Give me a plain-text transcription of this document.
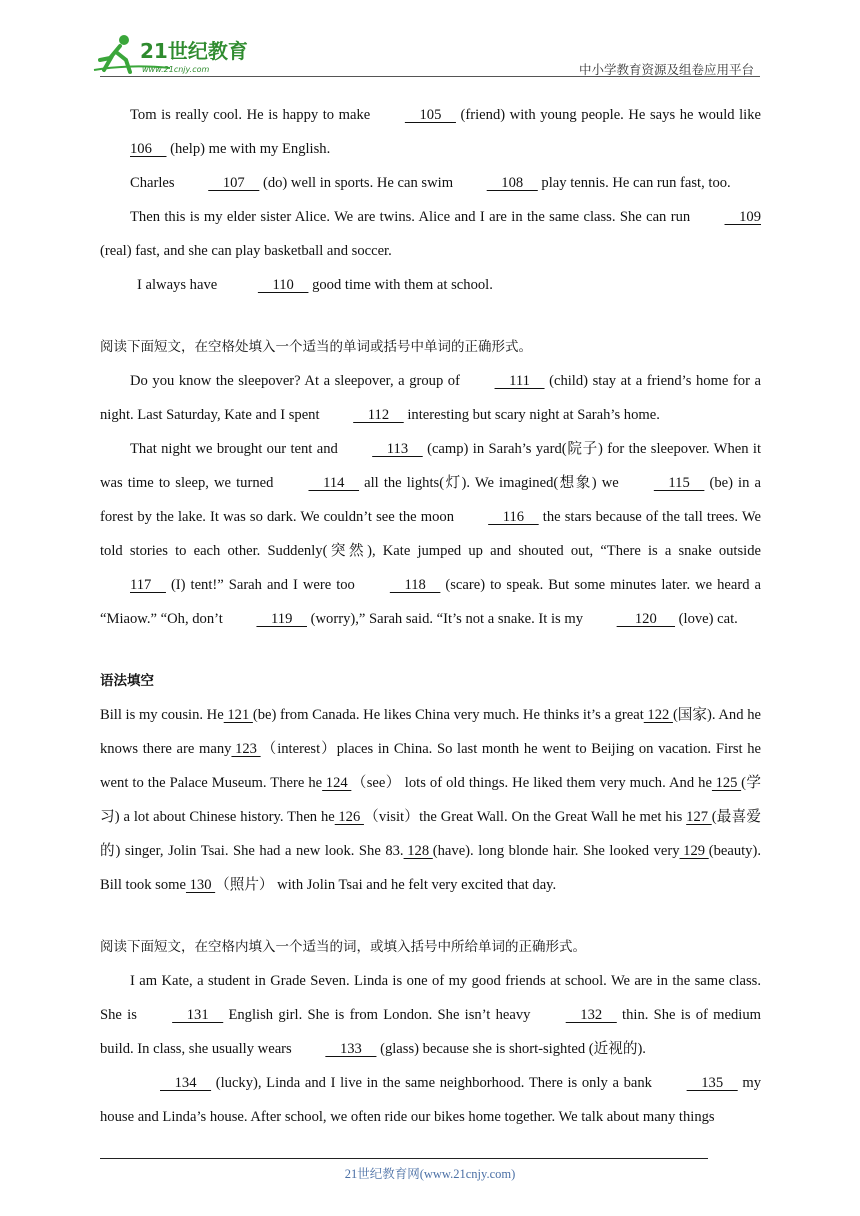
21世纪教育
www.21cnjy.com	中小学教育资源及组卷应用平台

Tom is really cool. He is happy to make     105     (friend) with young people. He says he would like 106     (help) me with my English.

Charles     107     (do) well in sports. He can swim     108     play tennis. He can run fast, too.

Then this is my elder sister Alice. We are twins. Alice and I are in the same class. She can run     109 (real) fast, and she can play basketball and soccer.

I always have	110     good time with them at school.

阅读下面短文，在空格处填入一个适当的单词或括号中单词的正确形式。

Do you know the sleepover? At a sleepover, a group of     111     (child) stay at a friend’s home for a night. Last Saturday, Kate and I spent     112     interesting but scary night at Sarah’s home.

That night we brought our tent and     113     (camp) in Sarah’s yard(院子) for the sleepover. When it was time to sleep, we turned     114     all the lights(灯). We imagined(想象) we     115     (be) in a forest by the lake. It was so dark. We couldn’t see the moon     116     the stars because of the tall trees. We told stories to each other. Suddenly(突然), Kate jumped up and shouted out, “There is a snake outside 117     (I) tent!” Sarah and I were too     118     (scare) to speak. But some minutes later. we heard a “Miaow.” “Oh, don’t     119     (worry),” Sarah said. “It’s not a snake. It is my      120      (love) cat.

语法填空

Bill is my cousin. He 121 (be) from Canada. He likes China very much. He thinks it’s a great 122 (国家). And he knows there are many 123 （interest）places in China. So last month he went to Beijing on vacation. First he went to the Palace Museum. There he 124 （see） lots of old things. He liked them very much. And he 125 (学习) a lot about Chinese history. Then he 126 （visit）the Great Wall. On the Great Wall he met his 127 (最喜爱的) singer, Jolin Tsai. She had a new look. She 83. 128 (have). long blonde hair. She looked very 129 (beauty). Bill took some 130 （照片） with Jolin Tsai and he felt very excited that day.

阅读下面短文，在空格内填入一个适当的词，或填入括号中所给单词的正确形式。

I am Kate, a student in Grade Seven. Linda is one of my good friends at school. We are in the same class. She is     131     English girl. She is from London. She isn’t heavy     132     thin. She is of medium build. In class, she usually wears     133     (glass) because she is short-sighted (近视的).

134     (lucky), Linda and I live in the same neighborhood. There is only a bank     135     my house and Linda’s house. After school, we often ride our bikes home together. We talk about many things

21世纪教育网(www.21cnjy.com)
